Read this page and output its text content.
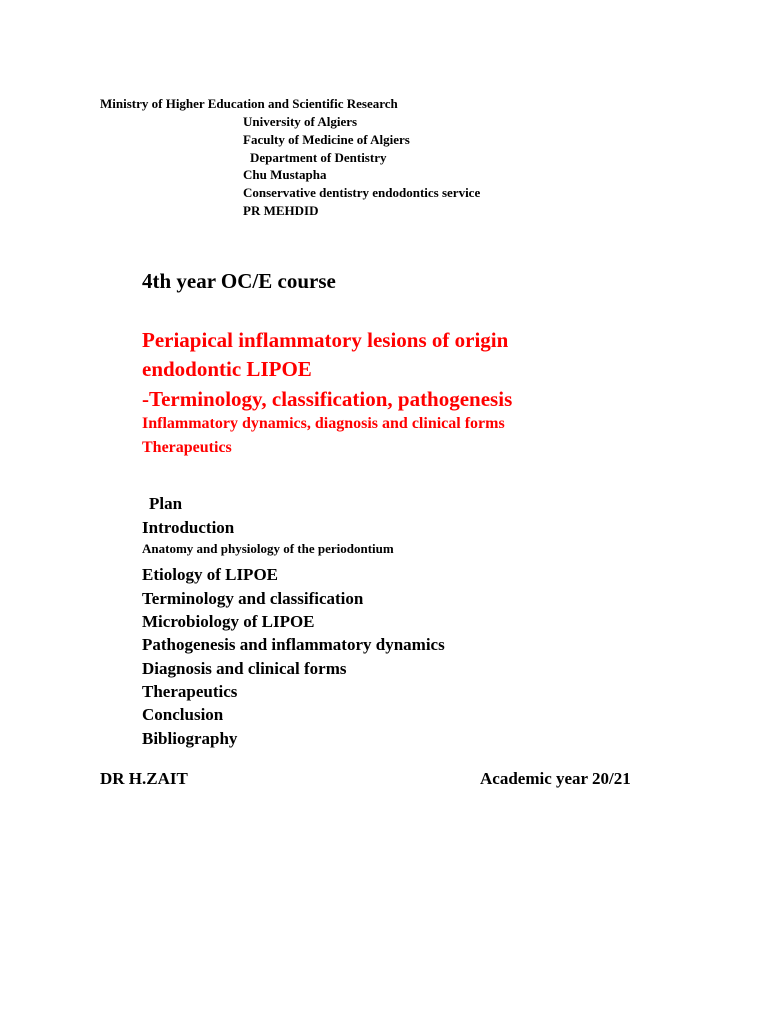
Ministry of Higher Education and Scientific Research

University of Algiers

Faculty of Medicine of Algiers

Department of Dentistry

Chu Mustapha

Conservative dentistry endodontics service

PR MEHDID

4th year OC/E course

Periapical inflammatory lesions of origin

endodontic LIPOE

-Terminology, classification, pathogenesis

Inflammatory dynamics, diagnosis and clinical forms

Therapeutics

Plan

Introduction

Anatomy and physiology of the periodontium

Etiology of LIPOE

Terminology and classification

Microbiology of LIPOE

Pathogenesis and inflammatory dynamics

Diagnosis and clinical forms

Therapeutics

Conclusion

Bibliography

DR H.ZAIT	Academic year 20/21
